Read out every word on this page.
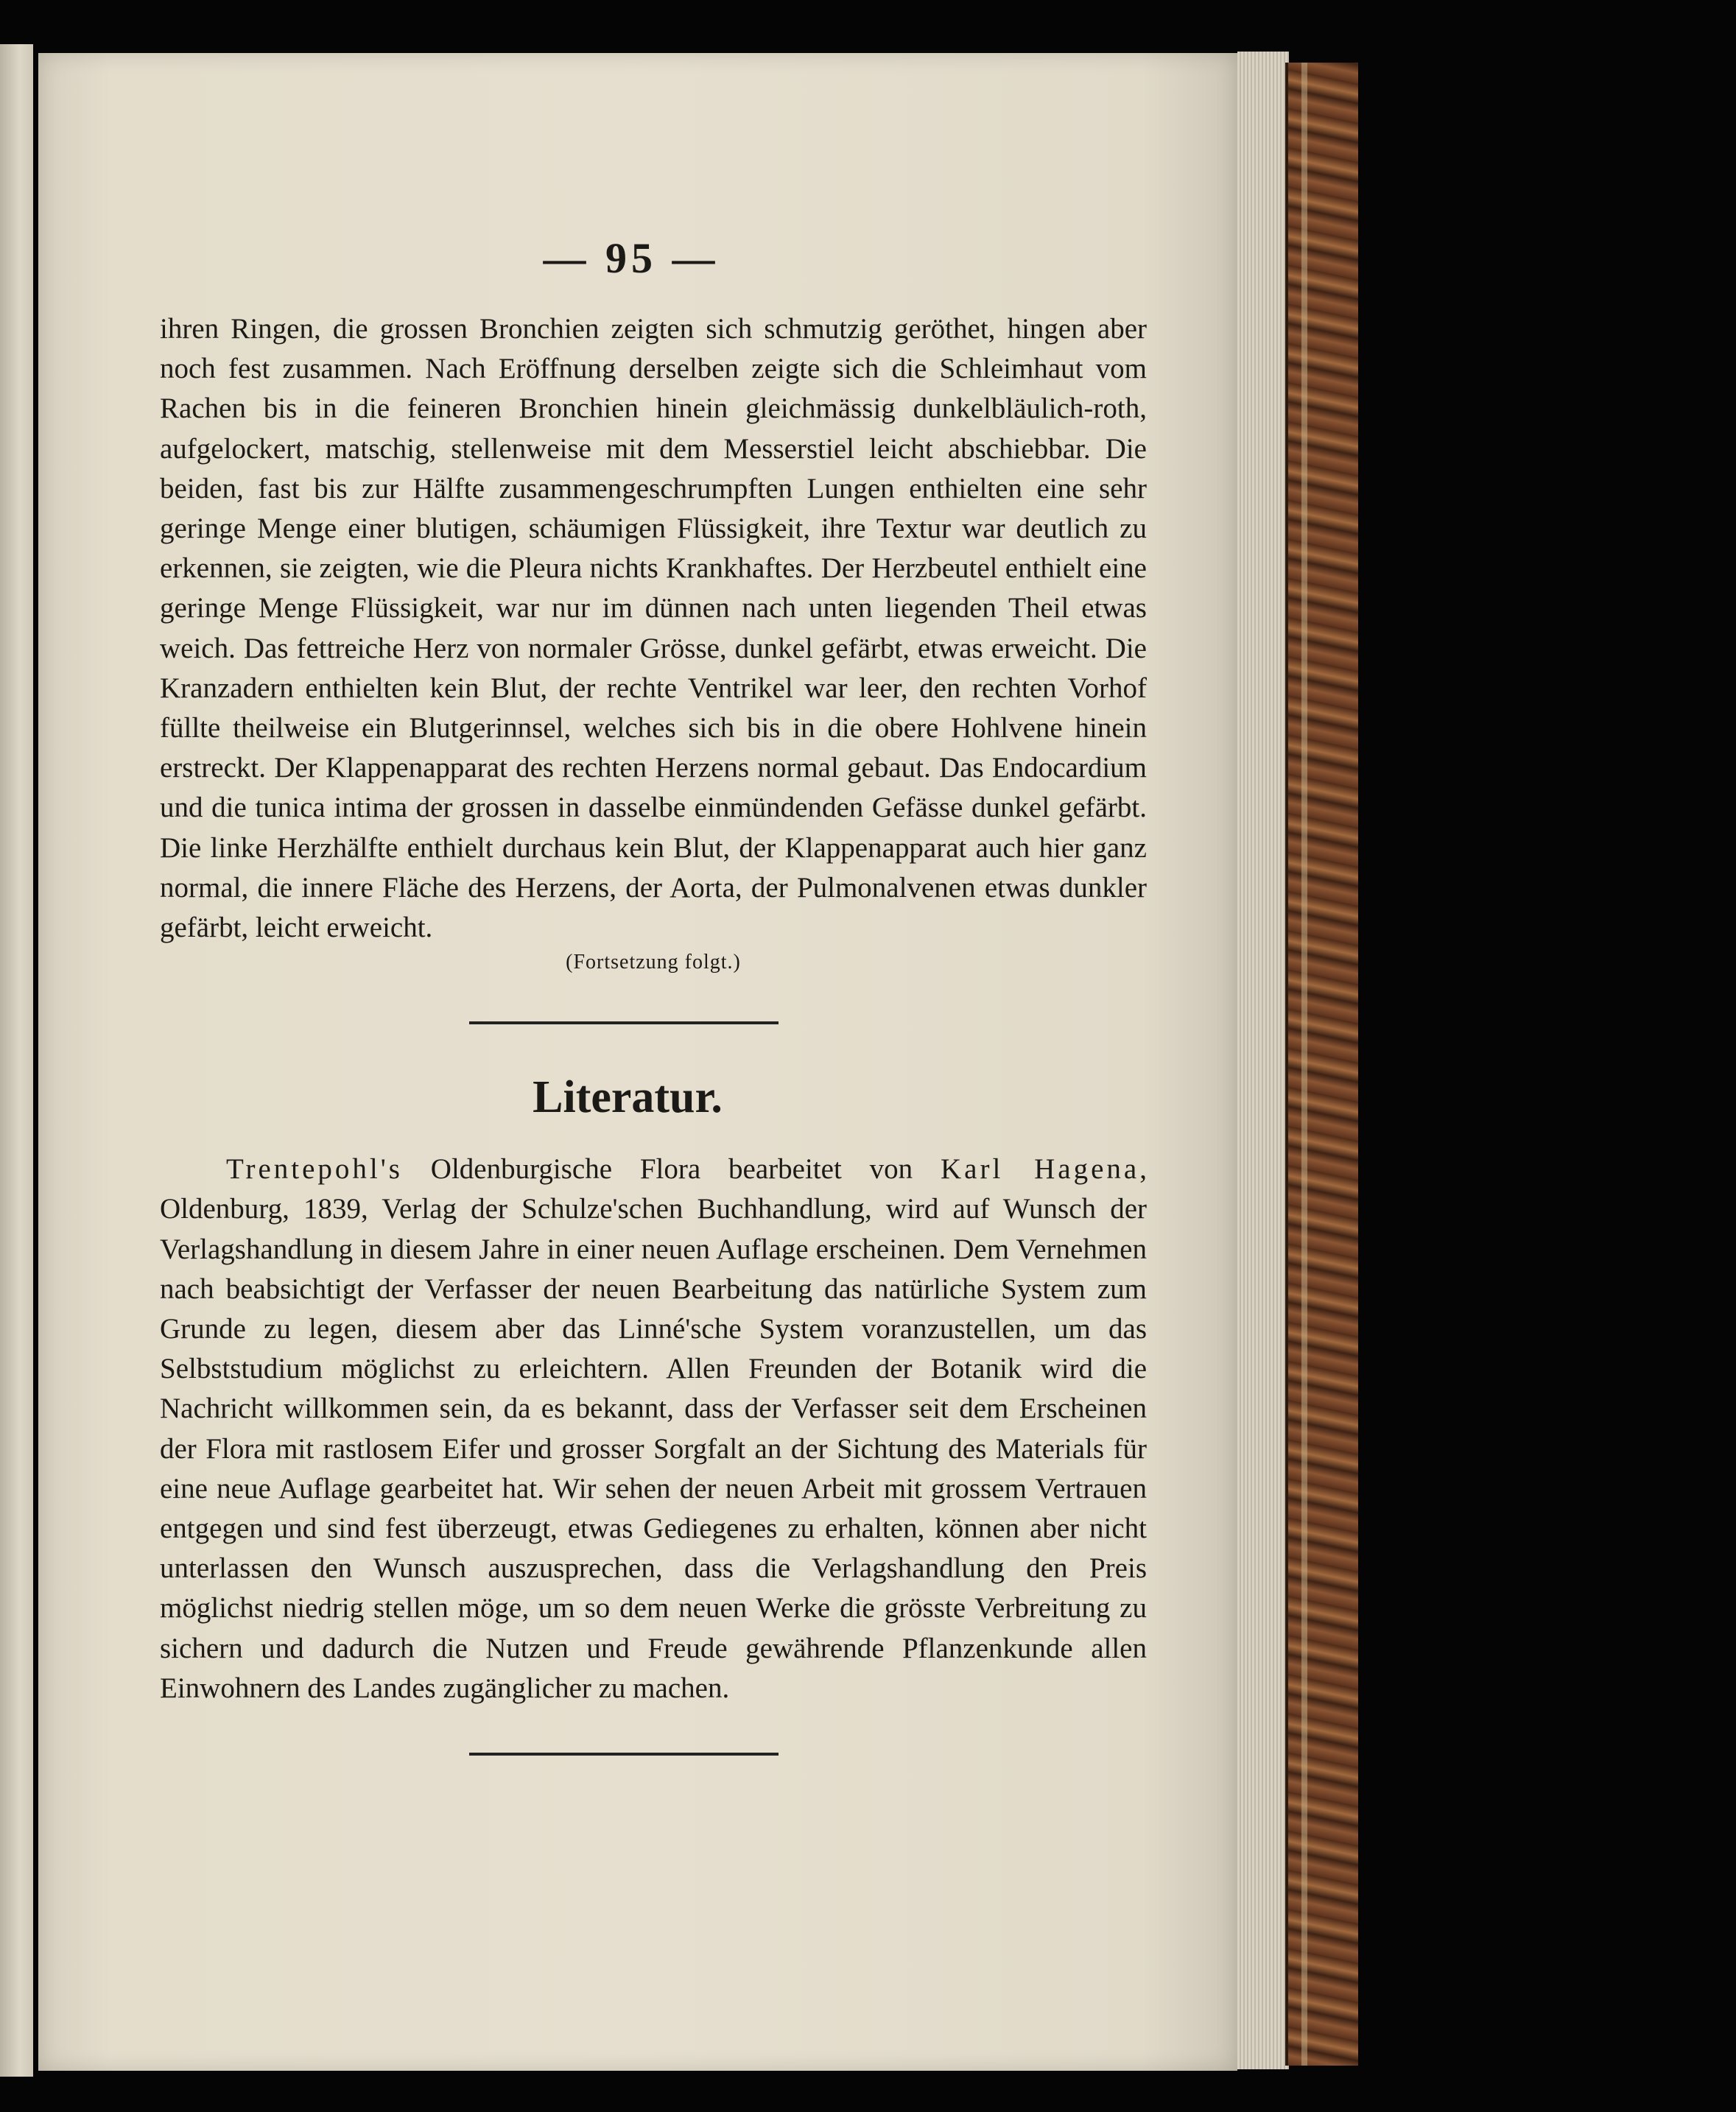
— 95 —

ihren Ringen, die grossen Bronchien zeigten sich schmutzig geröthet, hingen aber noch fest zusammen. Nach Eröffnung derselben zeigte sich die Schleimhaut vom Rachen bis in die feineren Bronchien hinein gleichmässig dunkelbläulich-roth, aufgelockert, matschig, stellenweise mit dem Messerstiel leicht abschiebbar. Die beiden, fast bis zur Hälfte zusammengeschrumpften Lungen enthielten eine sehr geringe Menge einer blutigen, schäumigen Flüssigkeit, ihre Textur war deutlich zu erkennen, sie zeigten, wie die Pleura nichts Krankhaftes. Der Herzbeutel enthielt eine geringe Menge Flüssigkeit, war nur im dünnen nach unten liegenden Theil etwas weich. Das fettreiche Herz von normaler Grösse, dunkel gefärbt, etwas erweicht. Die Kranzadern enthielten kein Blut, der rechte Ventrikel war leer, den rechten Vorhof füllte theilweise ein Blutgerinnsel, welches sich bis in die obere Hohlvene hinein erstreckt. Der Klappenapparat des rechten Herzens normal gebaut. Das Endocardium und die tunica intima der grossen in dasselbe einmündenden Gefässe dunkel gefärbt. Die linke Herzhälfte enthielt durchaus kein Blut, der Klappenapparat auch hier ganz normal, die innere Fläche des Herzens, der Aorta, der Pulmonalvenen etwas dunkler gefärbt, leicht erweicht.

(Fortsetzung folgt.)

Literatur.

Trentepohl's Oldenburgische Flora bearbeitet von Karl Hagena, Oldenburg, 1839, Verlag der Schulze'schen Buchhandlung, wird auf Wunsch der Verlagshandlung in diesem Jahre in einer neuen Auflage erscheinen. Dem Vernehmen nach beabsichtigt der Verfasser der neuen Bearbeitung das natürliche System zum Grunde zu legen, diesem aber das Linné'sche System voranzustellen, um das Selbststudium möglichst zu erleichtern. Allen Freunden der Botanik wird die Nachricht willkommen sein, da es bekannt, dass der Verfasser seit dem Erscheinen der Flora mit rastlosem Eifer und grosser Sorgfalt an der Sichtung des Materials für eine neue Auflage gearbeitet hat. Wir sehen der neuen Arbeit mit grossem Vertrauen entgegen und sind fest überzeugt, etwas Gediegenes zu erhalten, können aber nicht unterlassen den Wunsch auszusprechen, dass die Verlagshandlung den Preis möglichst niedrig stellen möge, um so dem neuen Werke die grösste Verbreitung zu sichern und dadurch die Nutzen und Freude gewährende Pflanzenkunde allen Einwohnern des Landes zugänglicher zu machen.
